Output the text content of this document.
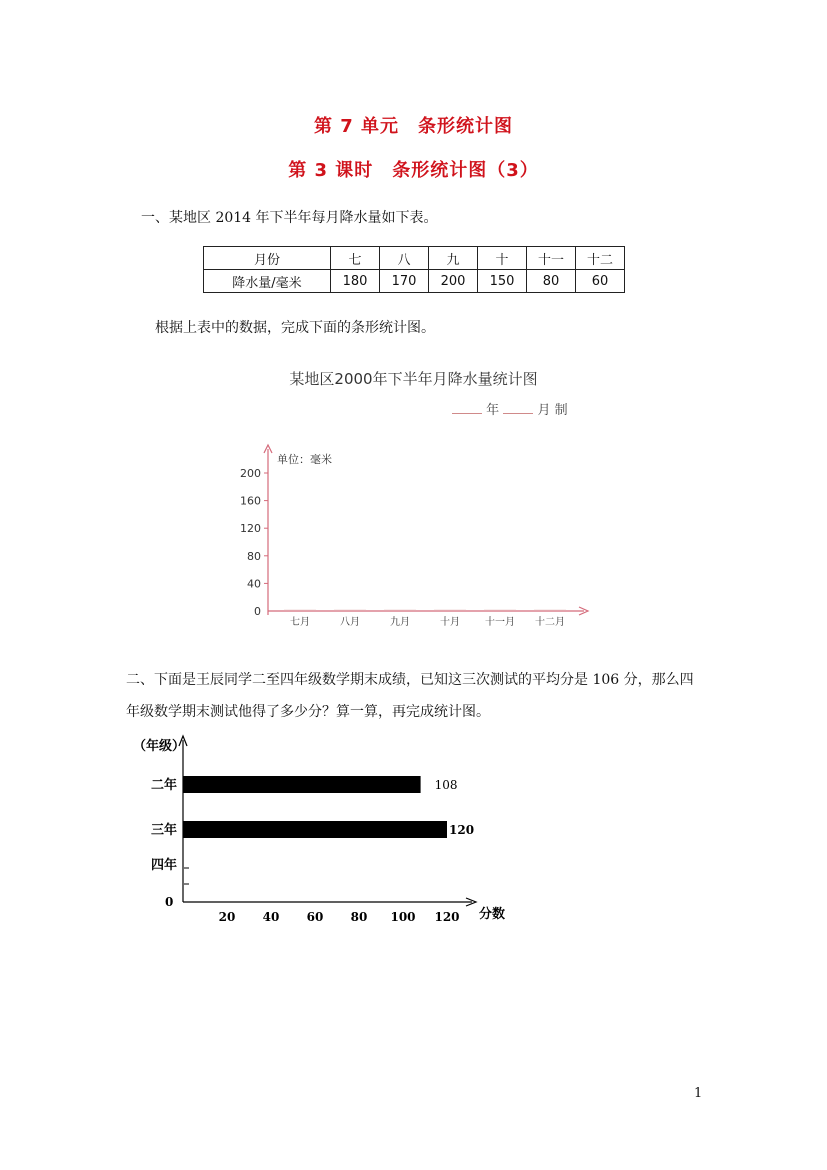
第 7 单元　条形统计图
第 3 课时　条形统计图（3）
一、某地区 2014 年下半年每月降水量如下表。
月份	七	八	九	十	十一	十二
降水量/毫米	180	170	200	150	80	60
根据上表中的数据，完成下面的条形统计图。
某地区2000年下半年月降水量统计图
年	月 制
二、下面是王辰同学二至四年级数学期末成绩，已知这三次测试的平均分是 106 分，那么四
年级数学期末测试他得了多少分？算一算，再完成统计图。
单位：毫米
0
40
80
120
160
200
七月	八月	九月	十月	十一月 十二月
（年级）
分数
0
20 40 60 80 100 120
二年	108
三年	120
四年
1
